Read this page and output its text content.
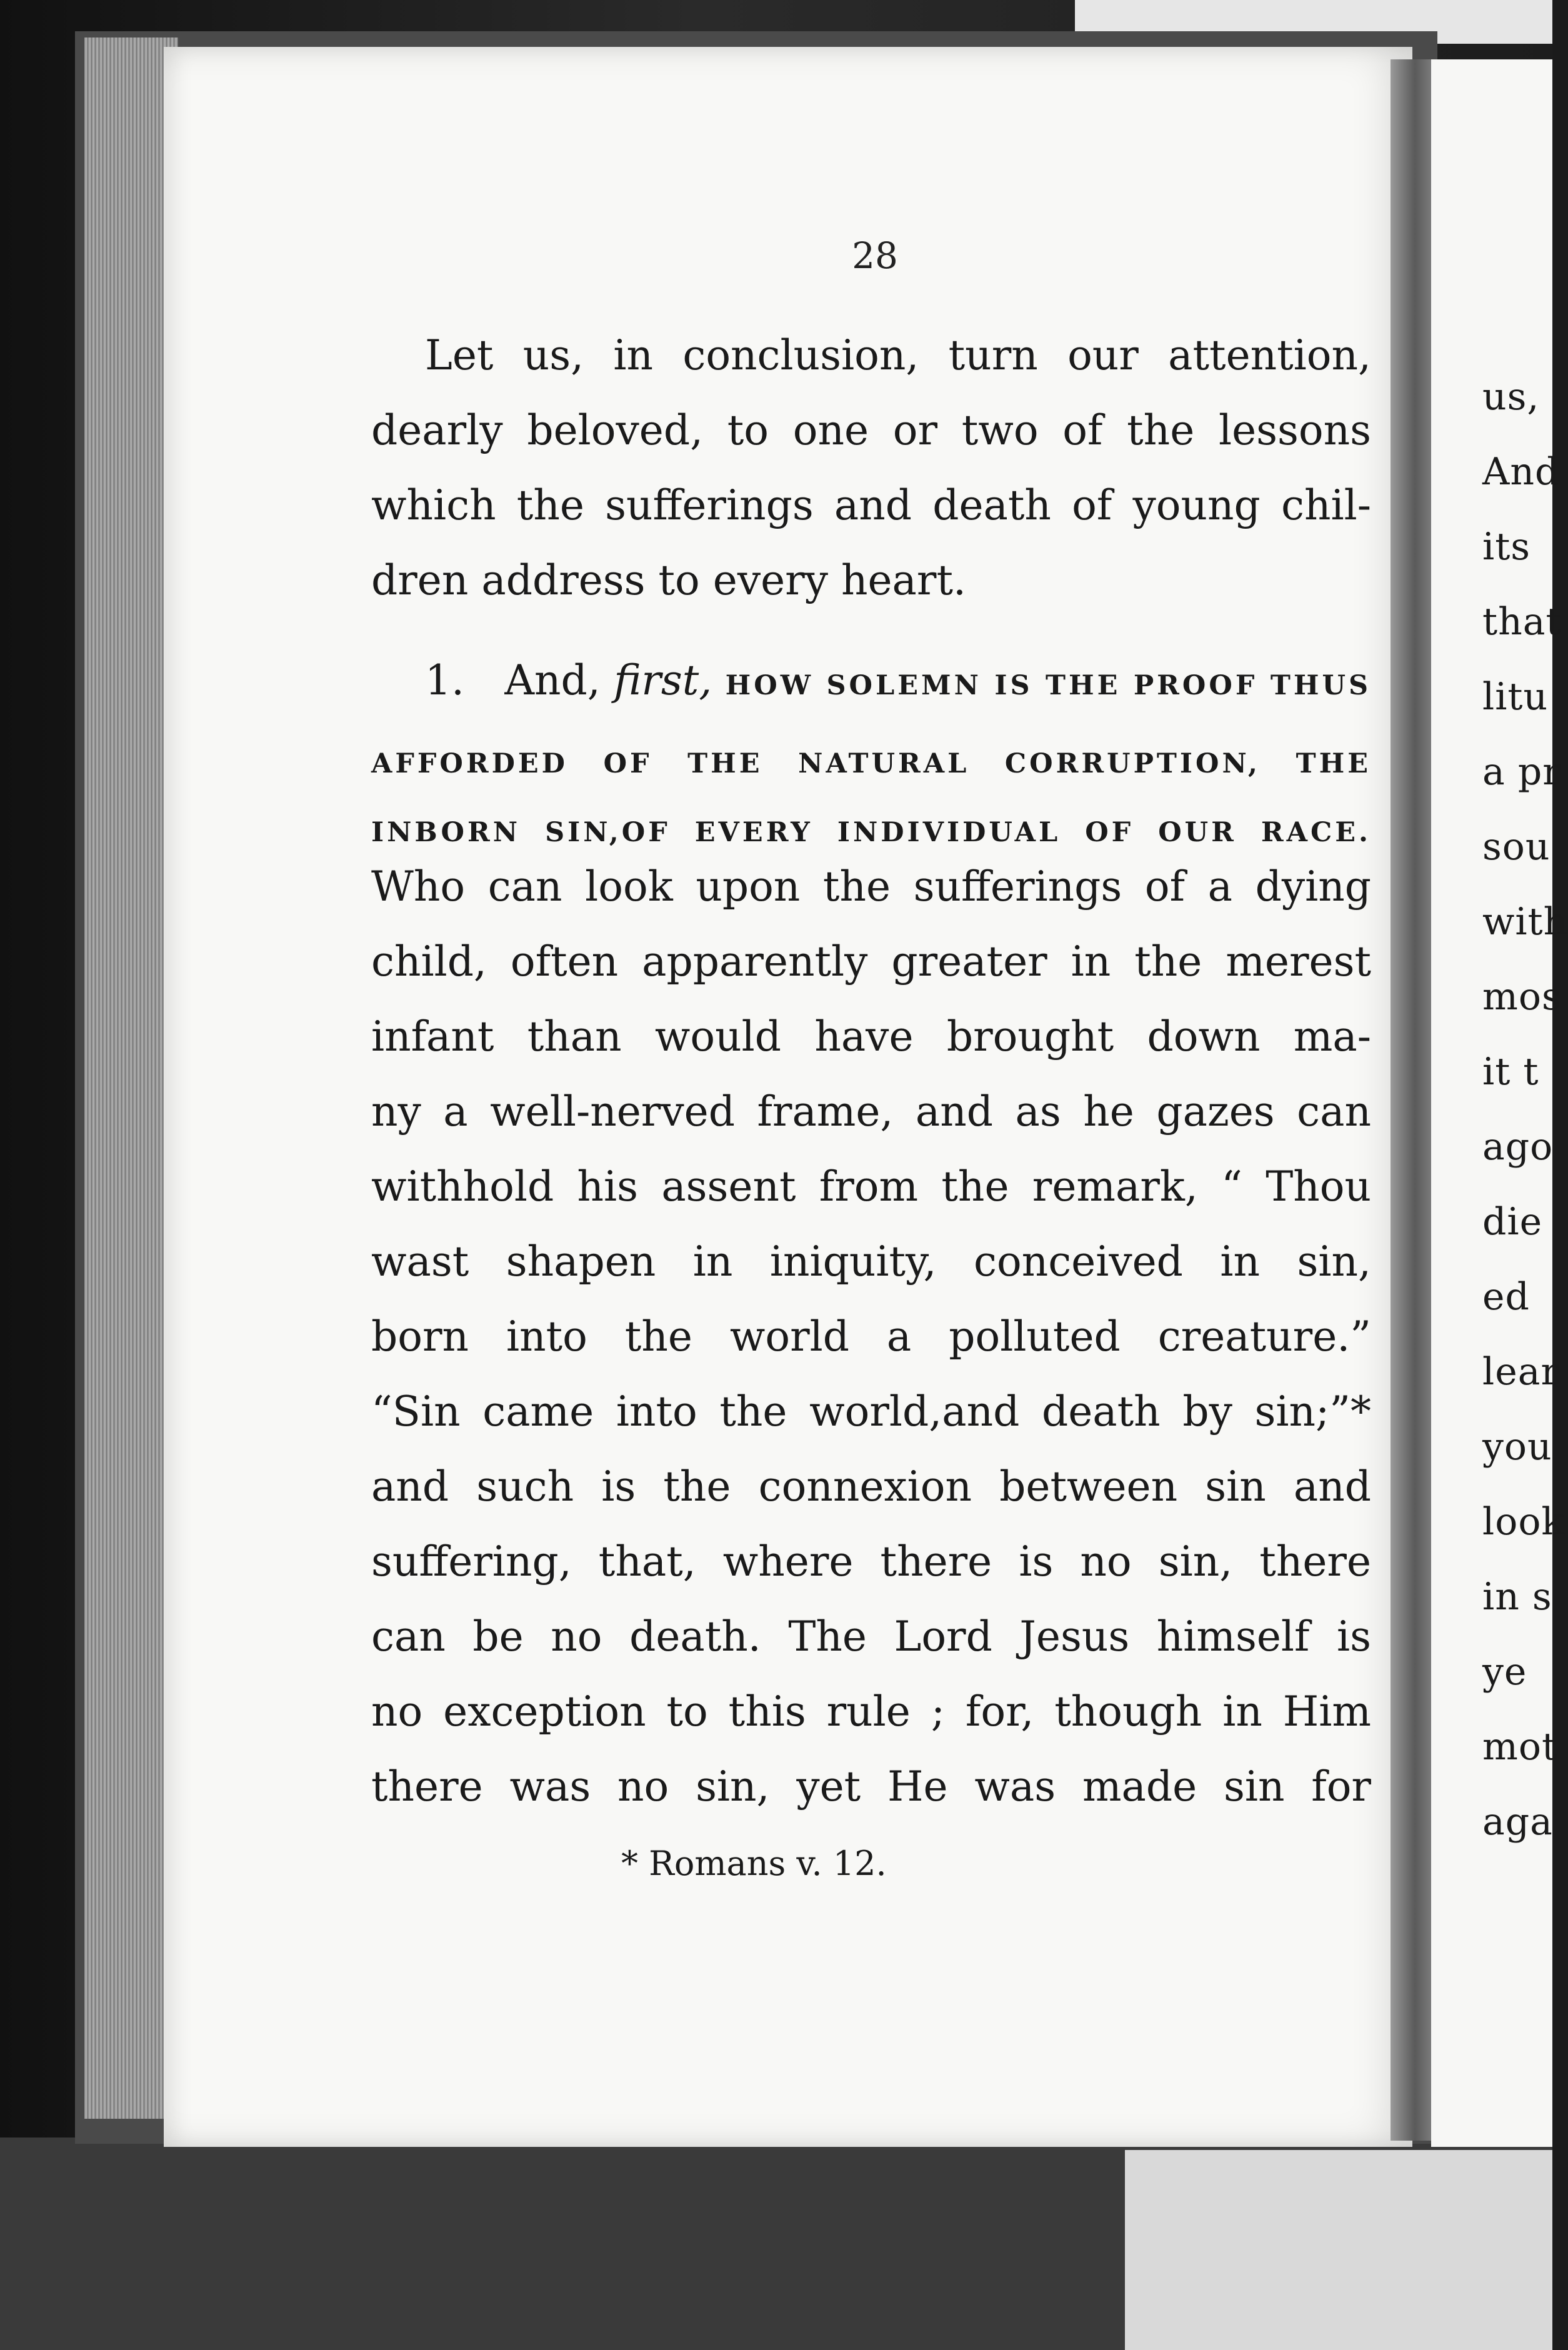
us,
And
its
that
litu
a pr
sou
with
mos
it t
ago
die
ed
lear
you
look
in s
ye
mot
aga
28
Let us, in conclusion, turn our attention,
dearly beloved, to one or two of the lessons
which the sufferings and death of young chil-
dren address to every heart.
1. And, first, HOW SOLEMN IS THE PROOF THUS
AFFORDED OF THE NATURAL CORRUPTION, THE
INBORN SIN,OF EVERY INDIVIDUAL OF OUR RACE.
Who can look upon the sufferings of a dying
child, often apparently greater in the merest
infant than would have brought down ma-
ny a well-nerved frame, and as he gazes can
withhold his assent from the remark, “ Thou
wast shapen in iniquity, conceived in sin,
born into the world a polluted creature.”
“Sin came into the world,and death by sin;”*
and such is the connexion between sin and
suffering, that, where there is no sin, there
can be no death. The Lord Jesus himself is
no exception to this rule ; for, though in Him
there was no sin, yet He was made sin for
* Romans v. 12.
